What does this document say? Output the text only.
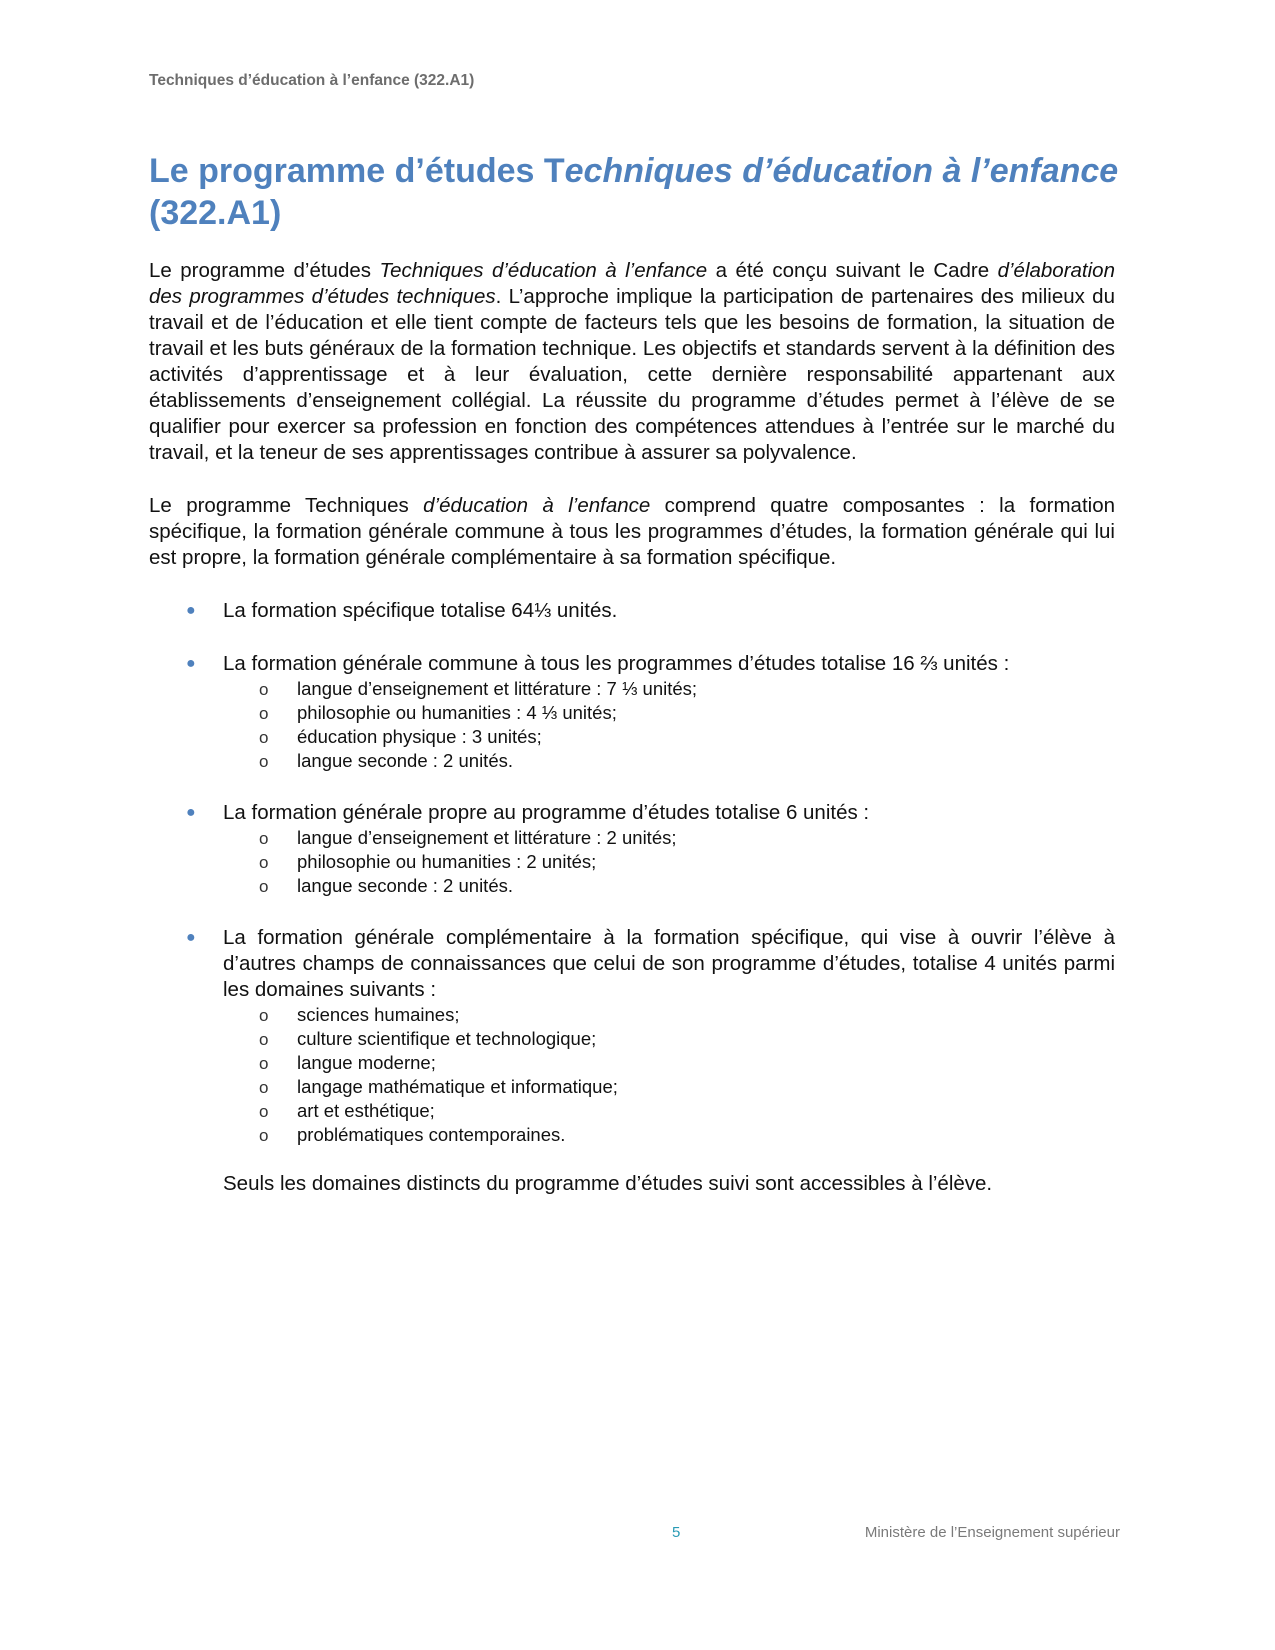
Techniques d’éducation à l’enfance (322.A1)
Le programme d’études Techniques d’éducation à l’enfance (322.A1)

Le programme d’études Techniques d’éducation à l’enfance a été conçu suivant le Cadre d’élaboration des programmes d’études techniques. L’approche implique la participation de partenaires des milieux du travail et de l’éducation et elle tient compte de facteurs tels que les besoins de formation, la situation de travail et les buts généraux de la formation technique. Les objectifs et standards servent à la définition des activités d’apprentissage et à leur évaluation, cette dernière responsabilité appartenant aux établissements d’enseignement collégial. La réussite du programme d’études permet à l’élève de se qualifier pour exercer sa profession en fonction des compétences attendues à l’entrée sur le marché du travail, et la teneur de ses apprentissages contribue à assurer sa polyvalence.

Le programme Techniques d’éducation à l’enfance comprend quatre composantes : la formation spécifique, la formation générale commune à tous les programmes d’études, la formation générale qui lui est propre, la formation générale complémentaire à sa formation spécifique.

● La formation spécifique totalise 64⅓ unités.
● La formation générale commune à tous les programmes d’études totalise 16 ⅔ unités :
o langue d’enseignement et littérature : 7 ⅓ unités;
o philosophie ou humanities : 4 ⅓ unités;
o éducation physique : 3 unités;
o langue seconde : 2 unités.
● La formation générale propre au programme d’études totalise 6 unités :
o langue d’enseignement et littérature : 2 unités;
o philosophie ou humanities : 2 unités;
o langue seconde : 2 unités.
● La formation générale complémentaire à la formation spécifique, qui vise à ouvrir l’élève à d’autres champs de connaissances que celui de son programme d’études, totalise 4 unités parmi les domaines suivants :
o sciences humaines;
o culture scientifique et technologique;
o langue moderne;
o langage mathématique et informatique;
o art et esthétique;
o problématiques contemporaines.

Seuls les domaines distincts du programme d’études suivi sont accessibles à l’élève.

5	Ministère de l’Enseignement supérieur
